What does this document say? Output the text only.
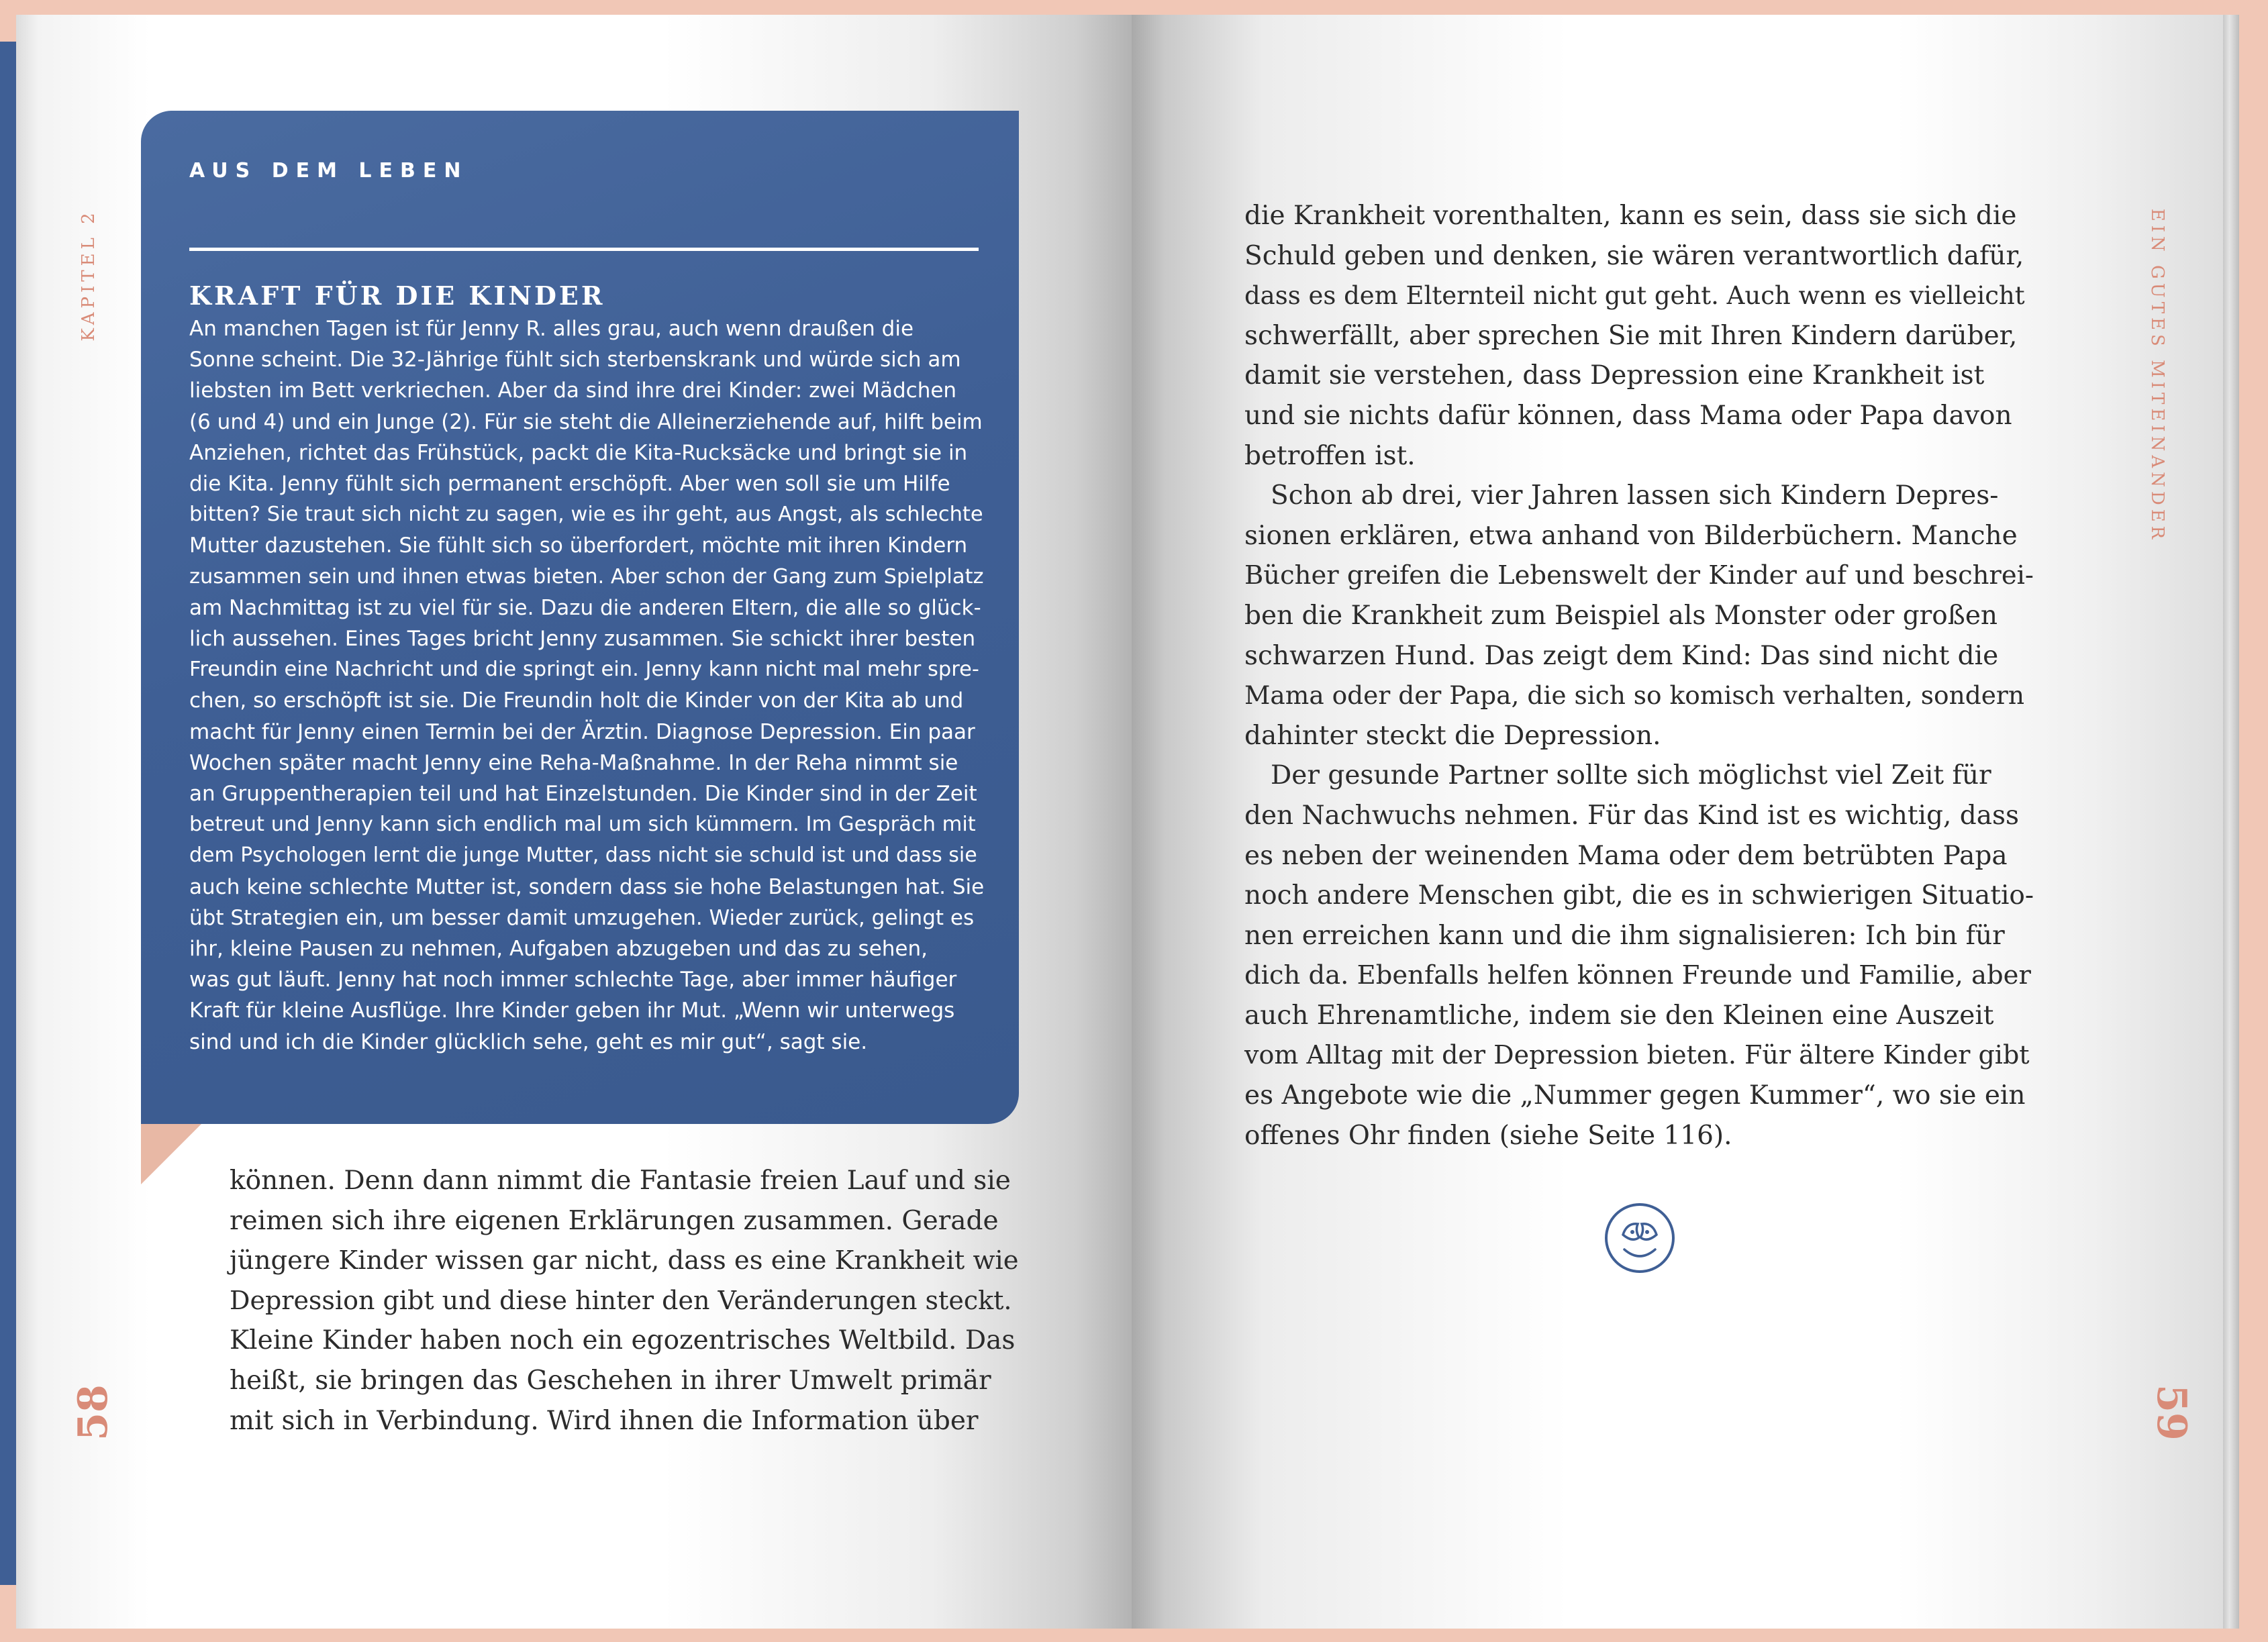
KAPITEL 2	EIN GUTES MITEINANDER
58	59
AUS DEM LEBEN
KRAFT FÜR DIE KINDER
An manchen Tagen ist für Jenny R. alles grau, auch wenn draußen die
Sonne scheint. Die 32-Jährige fühlt sich sterbenskrank und würde sich am
liebsten im Bett verkriechen. Aber da sind ihre drei Kinder: zwei Mädchen
(6 und 4) und ein Junge (2). Für sie steht die Alleinerziehende auf, hilft beim
Anziehen, richtet das Frühstück, packt die Kita-Rucksäcke und bringt sie in
die Kita. Jenny fühlt sich permanent erschöpft. Aber wen soll sie um Hilfe
bitten? Sie traut sich nicht zu sagen, wie es ihr geht, aus Angst, als schlechte
Mutter dazustehen. Sie fühlt sich so überfordert, möchte mit ihren Kindern
zusammen sein und ihnen etwas bieten. Aber schon der Gang zum Spielplatz
am Nachmittag ist zu viel für sie. Dazu die anderen Eltern, die alle so glück-
lich aussehen. Eines Tages bricht Jenny zusammen. Sie schickt ihrer besten
Freundin eine Nachricht und die springt ein. Jenny kann nicht mal mehr spre-
chen, so erschöpft ist sie. Die Freundin holt die Kinder von der Kita ab und
macht für Jenny einen Termin bei der Ärztin. Diagnose Depression. Ein paar
Wochen später macht Jenny eine Reha-Maßnahme. In der Reha nimmt sie
an Gruppentherapien teil und hat Einzelstunden. Die Kinder sind in der Zeit
betreut und Jenny kann sich endlich mal um sich kümmern. Im Gespräch mit
dem Psychologen lernt die junge Mutter, dass nicht sie schuld ist und dass sie
auch keine schlechte Mutter ist, sondern dass sie hohe Belastungen hat. Sie
übt Strategien ein, um besser damit umzugehen. Wieder zurück, gelingt es
ihr, kleine Pausen zu nehmen, Aufgaben abzugeben und das zu sehen,
was gut läuft. Jenny hat noch immer schlechte Tage, aber immer häufiger
Kraft für kleine Ausflüge. Ihre Kinder geben ihr Mut. „Wenn wir unterwegs
sind und ich die Kinder glücklich sehe, geht es mir gut“, sagt sie.
können. Denn dann nimmt die Fantasie freien Lauf und sie
reimen sich ihre eigenen Erklärungen zusammen. Gerade
jüngere Kinder wissen gar nicht, dass es eine Krankheit wie
Depression gibt und diese hinter den Veränderungen steckt.
Kleine Kinder haben noch ein egozentrisches Weltbild. Das
heißt, sie bringen das Geschehen in ihrer Umwelt primär
mit sich in Verbindung. Wird ihnen die Information über
die Krankheit vorenthalten, kann es sein, dass sie sich die
Schuld geben und denken, sie wären verantwortlich dafür,
dass es dem Elternteil nicht gut geht. Auch wenn es vielleicht
schwerfällt, aber sprechen Sie mit Ihren Kindern darüber,
damit sie verstehen, dass Depression eine Krankheit ist
und sie nichts dafür können, dass Mama oder Papa davon
betroffen ist.
 Schon ab drei, vier Jahren lassen sich Kindern Depres-
sionen erklären, etwa anhand von Bilderbüchern. Manche
Bücher greifen die Lebenswelt der Kinder auf und beschrei-
ben die Krankheit zum Beispiel als Monster oder großen
schwarzen Hund. Das zeigt dem Kind: Das sind nicht die
Mama oder der Papa, die sich so komisch verhalten, sondern
dahinter steckt die Depression.
 Der gesunde Partner sollte sich möglichst viel Zeit für
den Nachwuchs nehmen. Für das Kind ist es wichtig, dass
es neben der weinenden Mama oder dem betrübten Papa
noch andere Menschen gibt, die es in schwierigen Situatio-
nen erreichen kann und die ihm signalisieren: Ich bin für
dich da. Ebenfalls helfen können Freunde und Familie, aber
auch Ehrenamtliche, indem sie den Kleinen eine Auszeit
vom Alltag mit der Depression bieten. Für ältere Kinder gibt
es Angebote wie die „Nummer gegen Kummer“, wo sie ein
offenes Ohr finden (siehe Seite 116).
